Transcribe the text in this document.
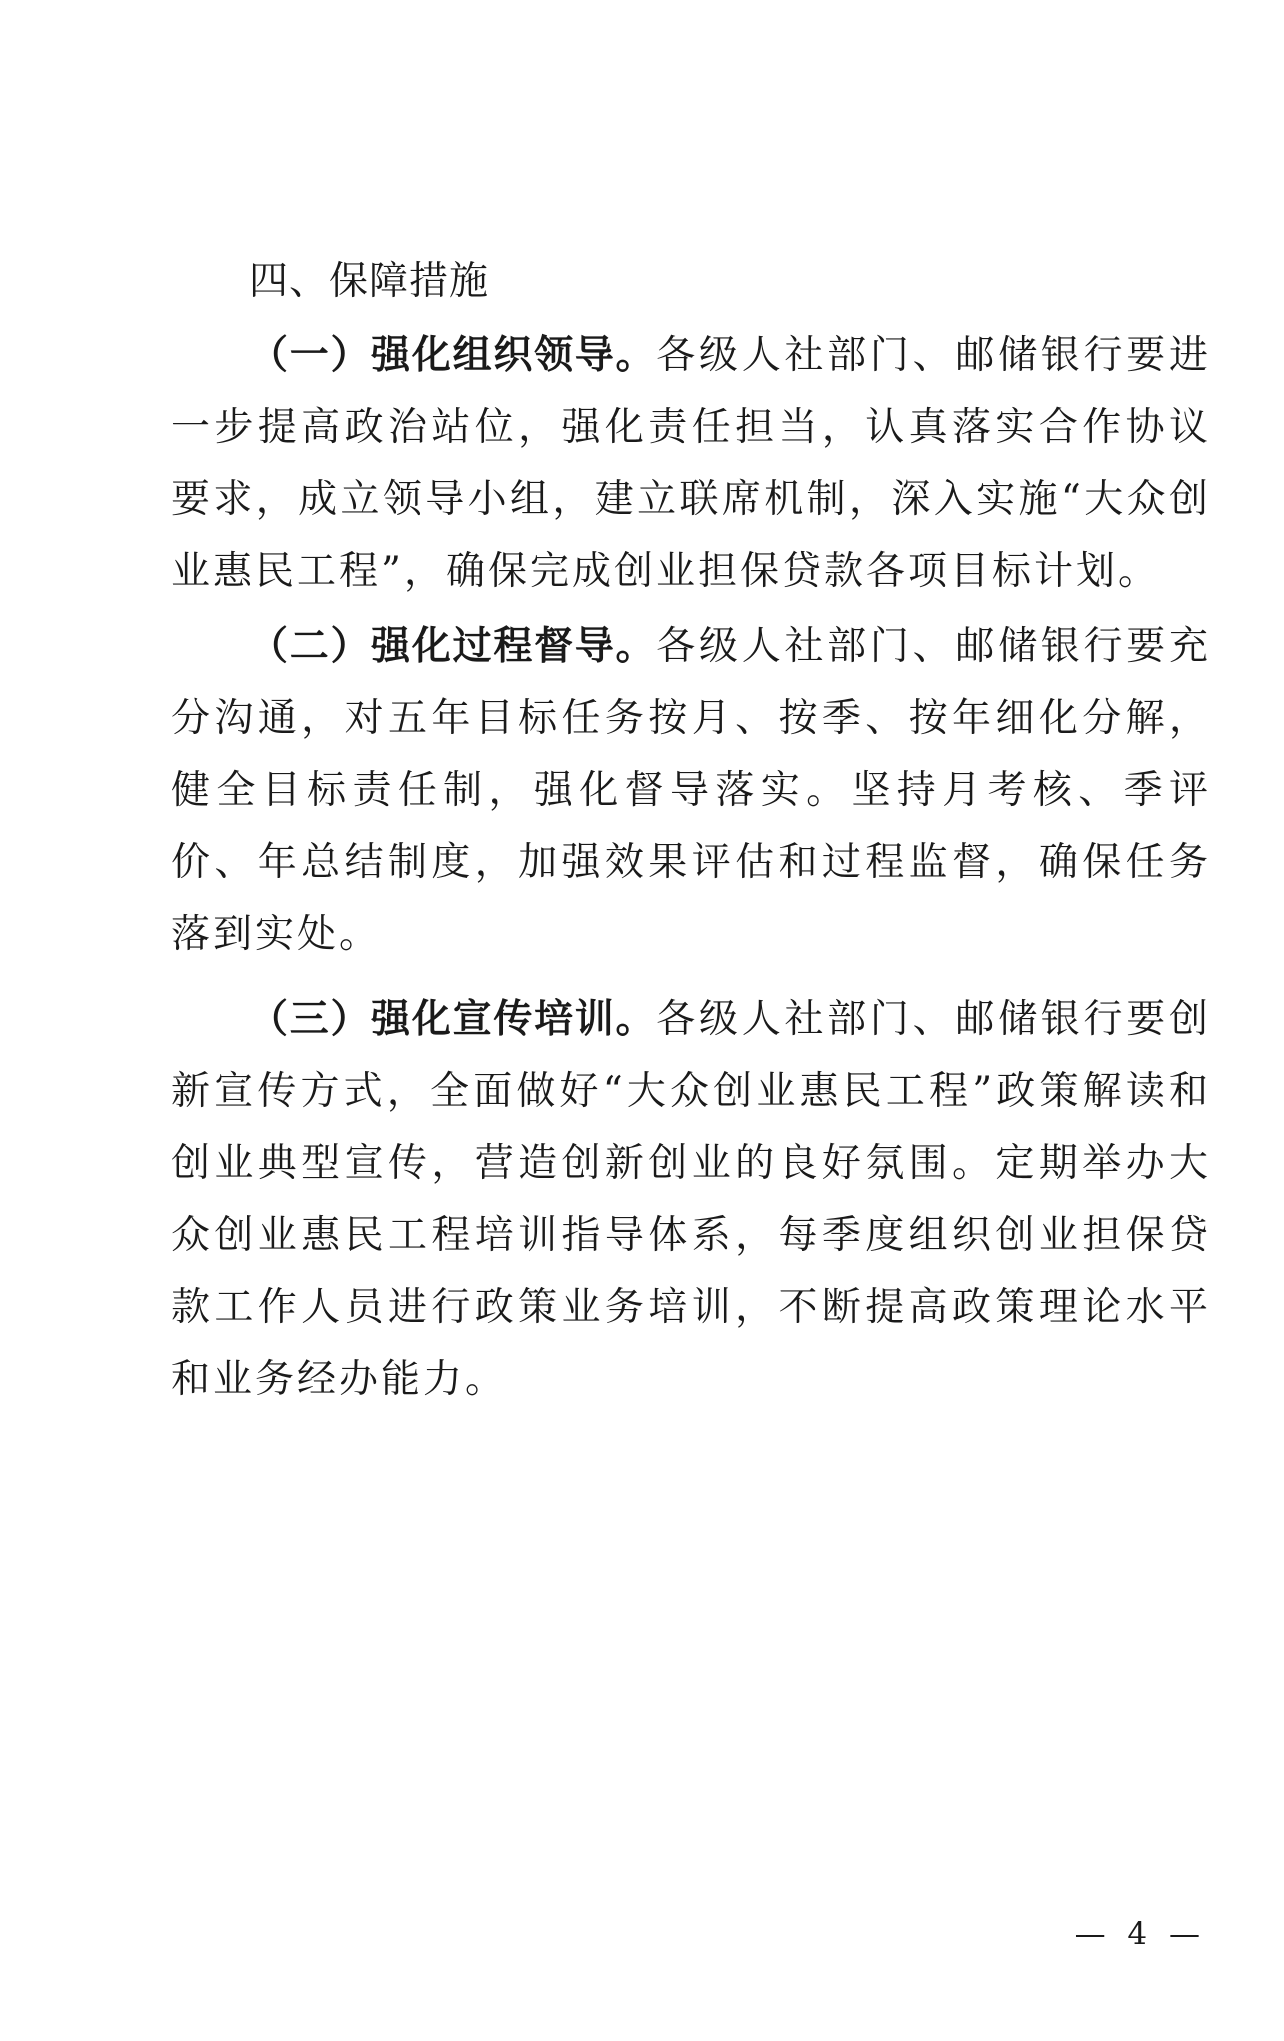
四、保障措施

（一）强化组织领导。各级人社部门、邮储银行要进一步提高政治站位，强化责任担当，认真落实合作协议要求，成立领导小组，建立联席机制，深入实施“大众创业惠民工程”，确保完成创业担保贷款各项目标计划。

（二）强化过程督导。各级人社部门、邮储银行要充分沟通，对五年目标任务按月、按季、按年细化分解，健全目标责任制，强化督导落实。坚持月考核、季评价、年总结制度，加强效果评估和过程监督，确保任务落到实处。

（三）强化宣传培训。各级人社部门、邮储银行要创新宣传方式，全面做好“大众创业惠民工程”政策解读和创业典型宣传，营造创新创业的良好氛围。定期举办大众创业惠民工程培训指导体系，每季度组织创业担保贷款工作人员进行政策业务培训，不断提高政策理论水平和业务经办能力。

— 4 —
